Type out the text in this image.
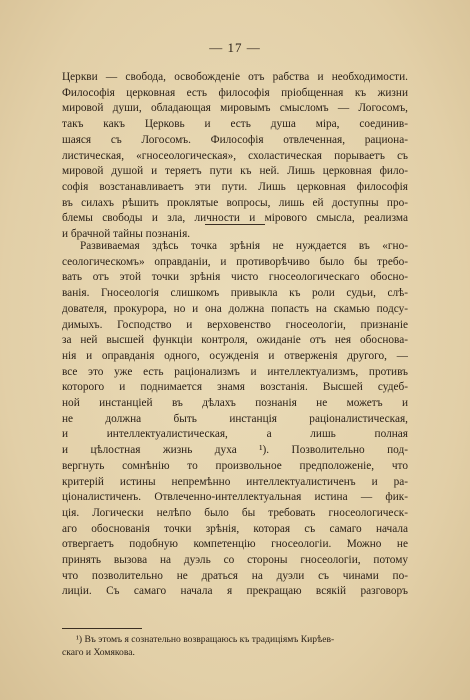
— 17 —
Церкви — свобода, освобожденіе отъ рабства и необходимости.
Философія церковная есть философія пріобщенная къ жизни
мировой души, обладающая мировымъ смысломъ — Логосомъ,
такъ какъ Церковь и есть душа міра, соединив-
шаяся съ Логосомъ. Философія отвлеченная, рационa-
листическая, «гносеологическая», схоластическая порываетъ съ
мировой душой и теряетъ пути къ ней. Лишь церковная фило-
софія возстанавливаетъ эти пути. Лишь церковная философія
въ силахъ рѣшить проклятые вопросы, лишь ей доступны про-
блемы свободы и зла, личности и мірового смысла, реализма
и брачной тайны познанія.
Развиваемая здѣсь точка зрѣнія не нуждается въ «гно-
сеологическомъ» оправданіи, и противорѣчиво было бы требо-
вать отъ этой точки зрѣнія чисто гносеологическаго обосно-
ванія. Гносеологія слишкомъ привыкла къ роли судьи, слѣ-
дователя, прокурора, но и она должна попасть на скамью подсу-
димыхъ. Господство и верховенство гносеологіи, признаніе
за ней высшей функціи контроля, ожиданіе отъ нея обоснова-
нія и оправданія одного, осужденія и отверженія другого, —
все это уже есть раціонализмъ и интеллектуализмъ, противъ
которого и поднимается знамя возстанія. Высшей судеб-
ной инстанціей въ дѣлахъ познанія не можетъ и
не должна быть инстанція раціоналистическая,
и интеллектуалистическая, а лишь полная
и цѣлостная жизнь духа ¹). Позволительно под-
вергнуть сомнѣнію то произвольное предположеніе, что
критерій истины непремѣнно интеллектуалистиченъ и ра-
ціоналистиченъ. Отвлеченно-интеллектуальная истина — фик-
ція. Логически нелѣпо было бы требовать гносеологическ-
аго обоснованія точки зрѣнія, которая съ самаго начала
отвергаетъ подобную компетенцію гносеологіи. Можно не
принять вызова на дуэль со стороны гносеологіи, потому
что позволительно не драться на дуэли съ чинами по-
лиціи. Съ самаго начала я прекращаю всякій разговоръ
¹) Въ этомъ я сознательно возвращаюсь къ традиціямъ Кирѣев-
скаго и Хомякова.
